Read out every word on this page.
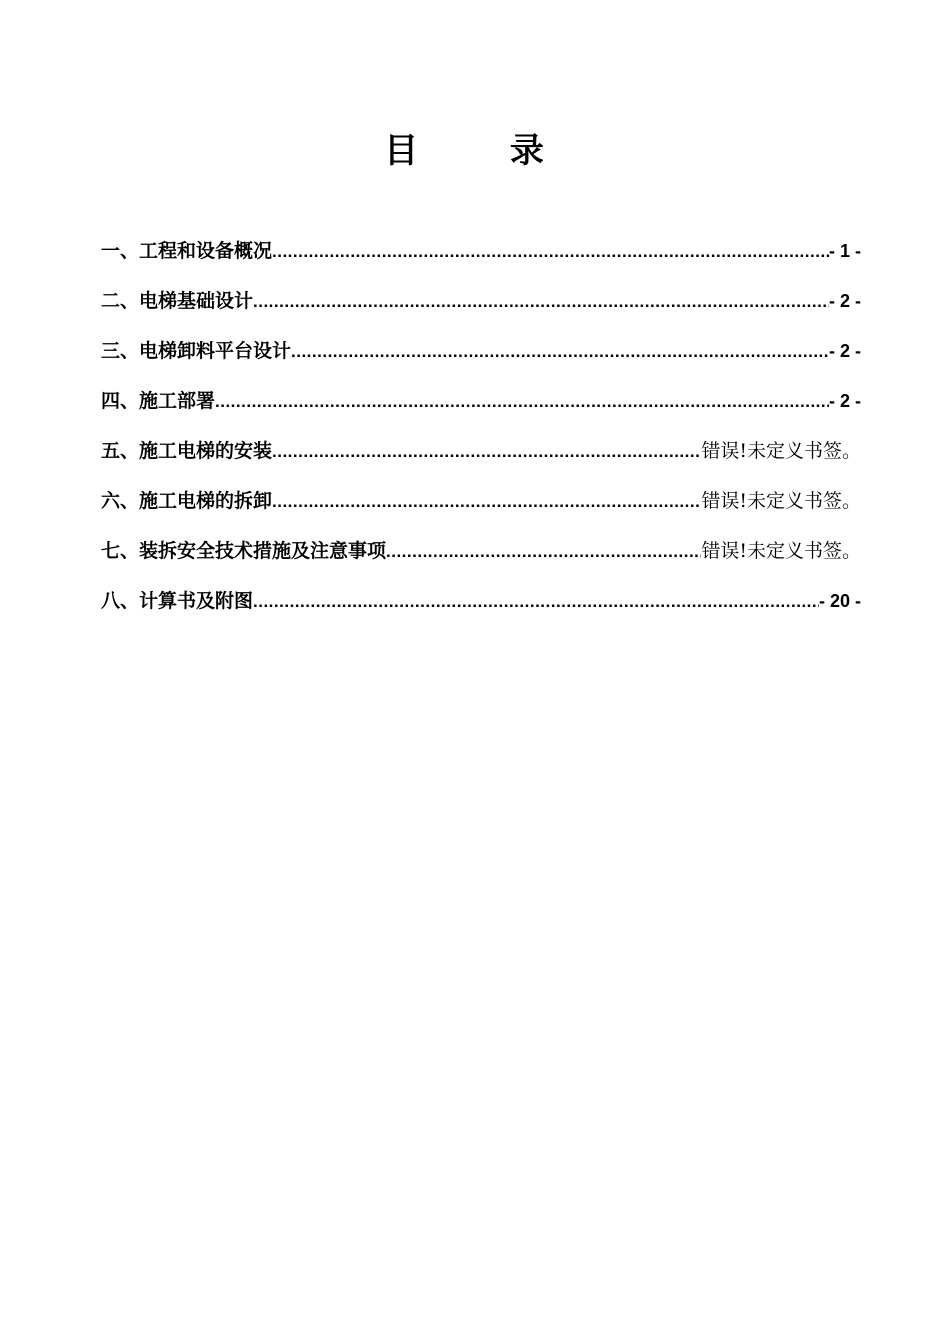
目 录
一、工程和设备概况 .....	- 1 -
二、电梯基础设计 .....	- 2 -
三、电梯卸料平台设计 .....	- 2 -
四、施工部署 .....	- 2 -
五、施工电梯的安装 .....	错误!未定义书签。
六、施工电梯的拆卸 .....	错误!未定义书签。
七、装拆安全技术措施及注意事项 .....	错误!未定义书签。
八、计算书及附图 .....	- 20 -
